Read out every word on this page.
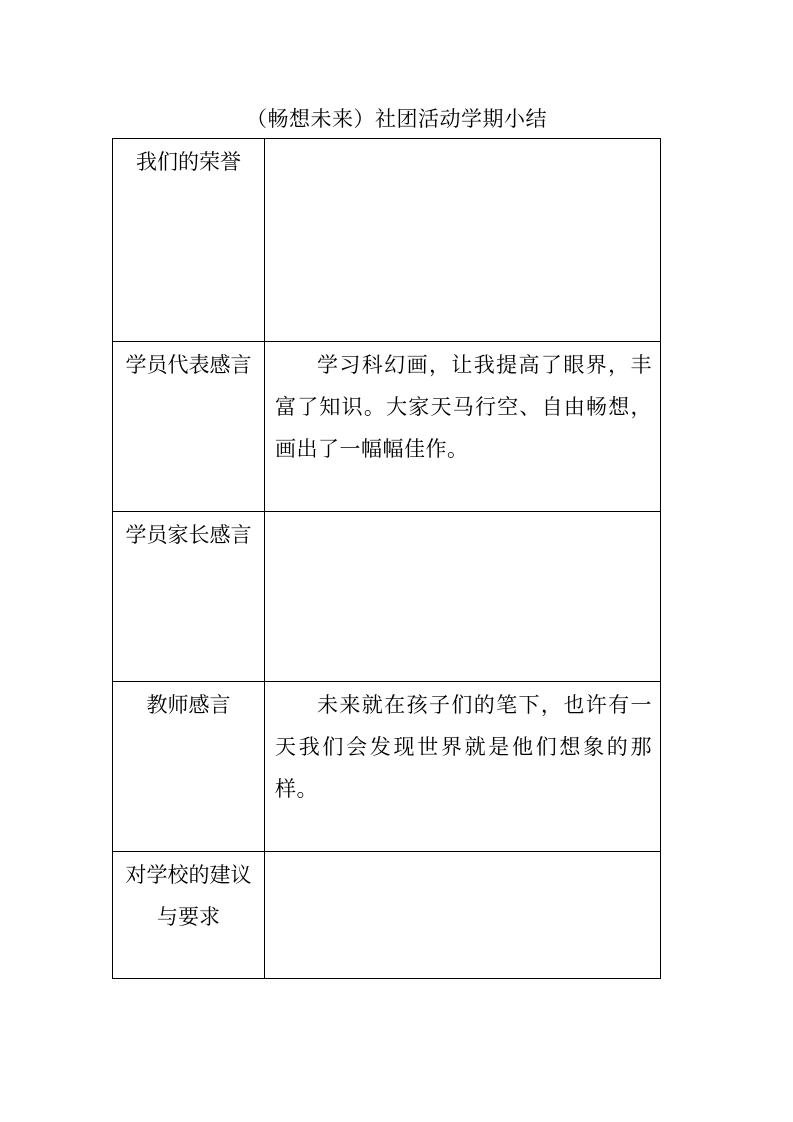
（畅想未来）社团活动学期小结
我们的荣誉	

学员代表感言	学习科幻画，让我提高了眼界，丰富了知识。大家天马行空、自由畅想，画出了一幅幅佳作。

学员家长感言	

教师感言	未来就在孩子们的笔下，也许有一天我们会发现世界就是他们想象的那样。

对学校的建议与要求	
